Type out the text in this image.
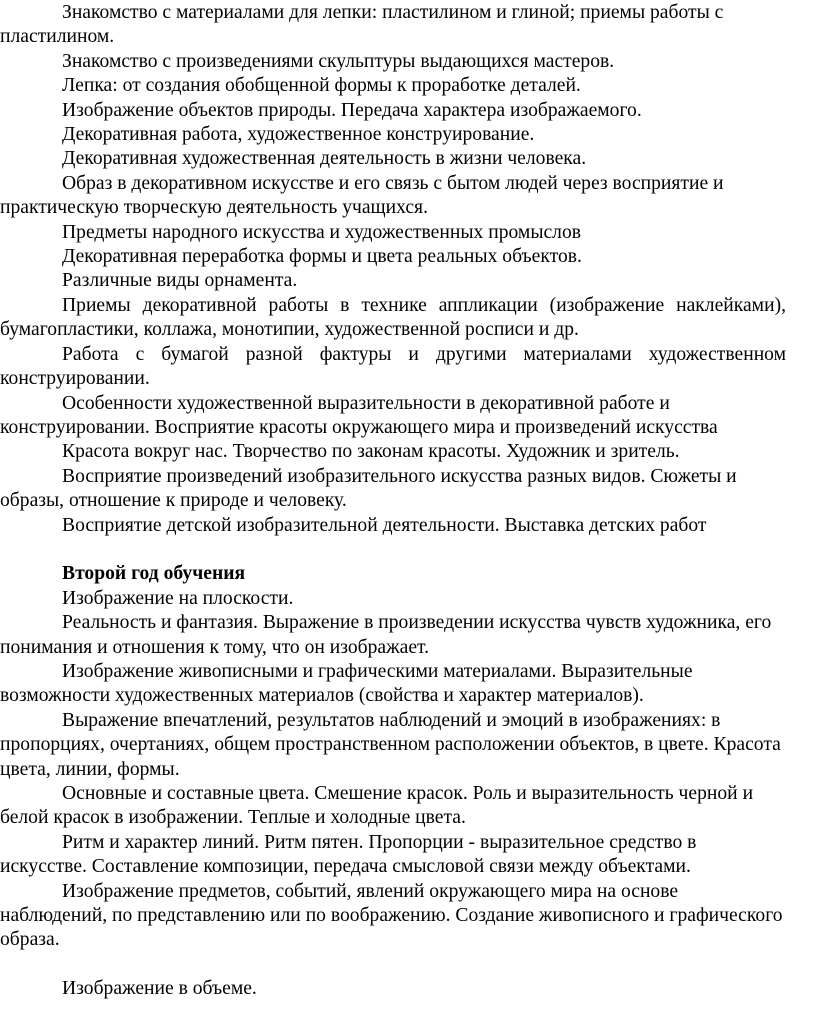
Знакомство с материалами для лепки: пластилином и глиной; приемы работы с пластилином.

Знакомство с произведениями скульптуры выдающихся мастеров.

Лепка: от создания обобщенной формы к проработке деталей.

Изображение объектов природы. Передача характера изображаемого.

Декоративная работа, художественное конструирование.

Декоративная художественная деятельность в жизни человека.

Образ в декоративном искусстве и его связь с бытом людей через восприятие и практическую творческую деятельность учащихся.

Предметы народного искусства и художественных промыслов

Декоративная переработка формы и цвета реальных объектов.

Различные виды орнамента.

Приемы декоративной работы в технике аппликации (изображение наклейками), бумагопластики, коллажа, монотипии, художественной росписи и др.

Работа с бумагой разной фактуры и другими материалами художественном конструировании.

Особенности художественной выразительности в декоративной работе и конструировании. Восприятие красоты окружающего мира и произведений искусства

Красота вокруг нас. Творчество по законам красоты. Художник и зритель.

Восприятие произведений изобразительного искусства разных видов. Сюжеты и образы, отношение к природе и человеку.

Восприятие детской изобразительной деятельности. Выставка детских работ

Второй год обучения

Изображение на плоскости.

Реальность и фантазия. Выражение в произведении искусства чувств художника, его понимания и отношения к тому, что он изображает.

Изображение живописными и графическими материалами. Выразительные возможности художественных материалов (свойства и характер материалов).

Выражение впечатлений, результатов наблюдений и эмоций в изображениях: в пропорциях, очертаниях, общем пространственном расположении объектов, в цвете. Красота цвета, линии, формы.

Основные и составные цвета. Смешение красок. Роль и выразительность черной и белой красок в изображении. Теплые и холодные цвета.

Ритм и характер линий. Ритм пятен. Пропорции - выразительное средство в искусстве. Составление композиции, передача смысловой связи между объектами.

Изображение предметов, событий, явлений окружающего мира на основе наблюдений, по представлению или по воображению. Создание живописного и графического образа.

Изображение в объеме.
